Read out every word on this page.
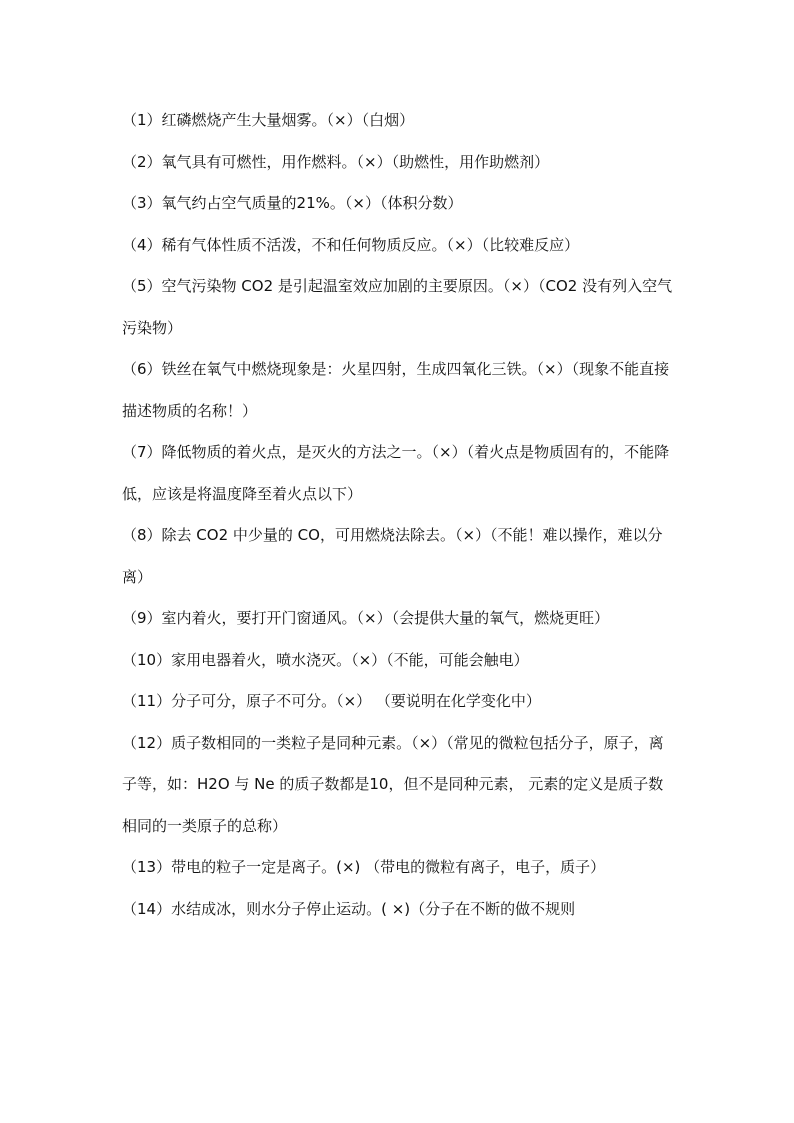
（1）红磷燃烧产生大量烟雾。（×）（白烟）

（2）氧气具有可燃性，用作燃料。（×）（助燃性，用作助燃剂）

（3）氧气约占空气质量的21%。（×）（体积分数）

（4）稀有气体性质不活泼，不和任何物质反应。（×）（比较难反应）

（5）空气污染物 CO2 是引起温室效应加剧的主要原因。（×）（CO2 没有列入空气污染物）

（6）铁丝在氧气中燃烧现象是：火星四射，生成四氧化三铁。（×）（现象不能直接描述物质的名称！）

（7）降低物质的着火点，是灭火的方法之一。（×）（着火点是物质固有的，不能降低，应该是将温度降至着火点以下）

（8）除去 CO2 中少量的 CO，可用燃烧法除去。（×）（不能！难以操作，难以分离）

（9）室内着火，要打开门窗通风。（×）（会提供大量的氧气，燃烧更旺）

（10）家用电器着火，喷水浇灭。（×）（不能，可能会触电）

（11）分子可分，原子不可分。（×） （要说明在化学变化中）

（12）质子数相同的一类粒子是同种元素。（×）（常见的微粒包括分子，原子，离子等，如：H2O 与 Ne 的质子数都是10，但不是同种元素， 元素的定义是质子数相同的一类原子的总称）

（13）带电的粒子一定是离子。(×) （带电的微粒有离子，电子，质子）

（14）水结成冰，则水分子停止运动。( ×)（分子在不断的做不规则
